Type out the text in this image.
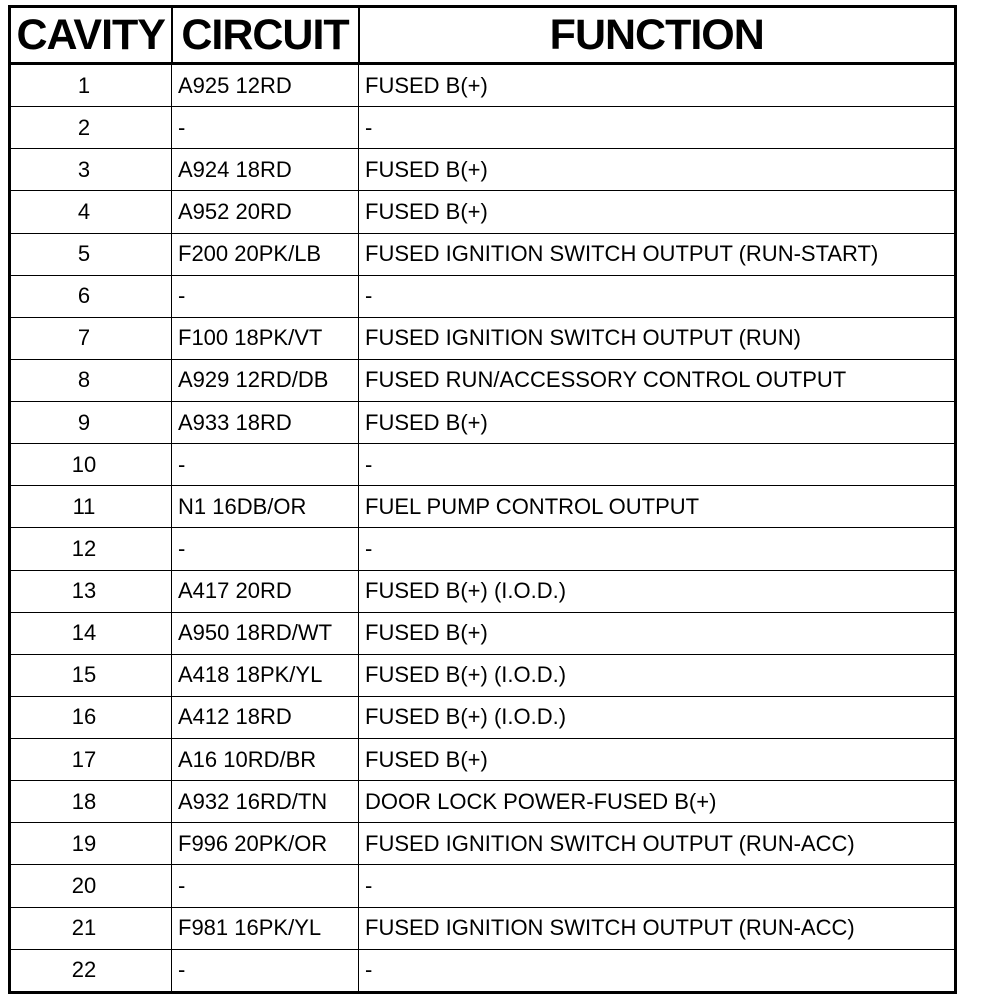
CAVITY	CIRCUIT	FUNCTION
1	A925 12RD	FUSED B(+)
2	-	-
3	A924 18RD	FUSED B(+)
4	A952 20RD	FUSED B(+)
5	F200 20PK/LB	FUSED IGNITION SWITCH OUTPUT (RUN-START)
6	-	-
7	F100 18PK/VT	FUSED IGNITION SWITCH OUTPUT (RUN)
8	A929 12RD/DB	FUSED RUN/ACCESSORY CONTROL OUTPUT
9	A933 18RD	FUSED B(+)
10	-	-
11	N1 16DB/OR	FUEL PUMP CONTROL OUTPUT
12	-	-
13	A417 20RD	FUSED B(+) (I.O.D.)
14	A950 18RD/WT	FUSED B(+)
15	A418 18PK/YL	FUSED B(+) (I.O.D.)
16	A412 18RD	FUSED B(+) (I.O.D.)
17	A16 10RD/BR	FUSED B(+)
18	A932 16RD/TN	DOOR LOCK POWER-FUSED B(+)
19	F996 20PK/OR	FUSED IGNITION SWITCH OUTPUT (RUN-ACC)
20	-	-
21	F981 16PK/YL	FUSED IGNITION SWITCH OUTPUT (RUN-ACC)
22	-	-
